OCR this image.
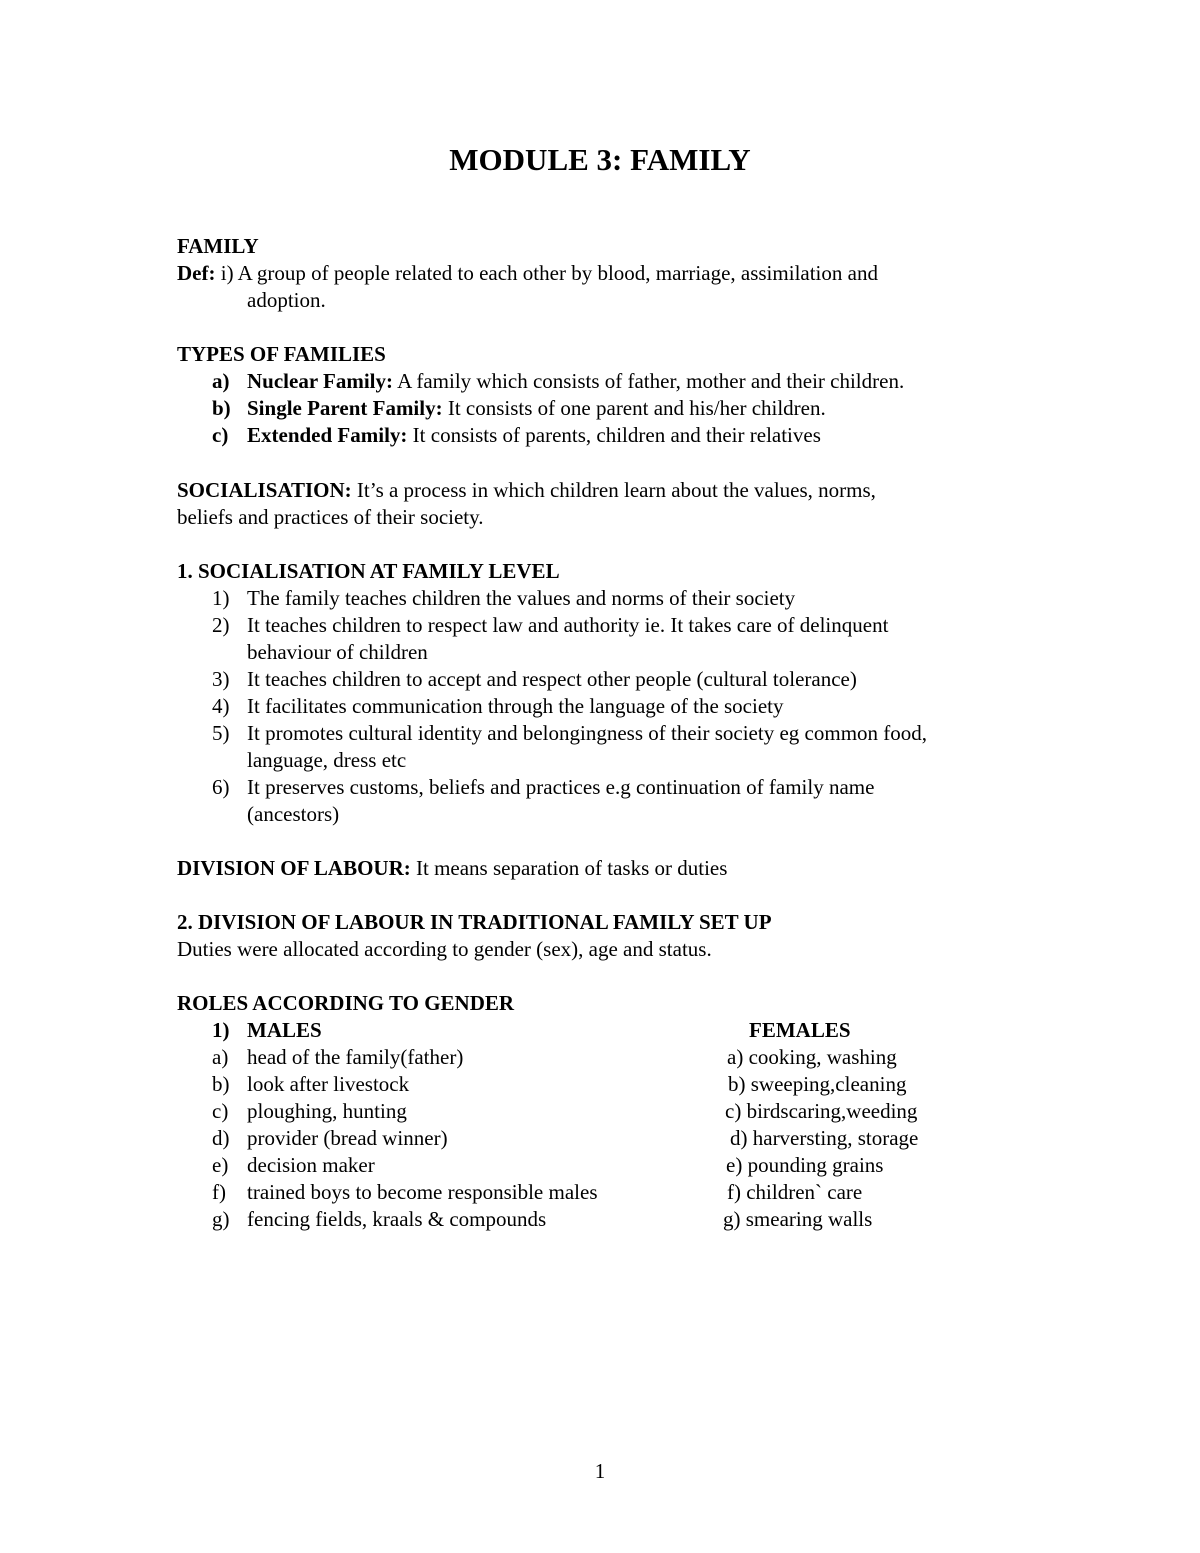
MODULE 3: FAMILY
FAMILY
Def: i) A group of people related to each other by blood, marriage, assimilation and
adoption.
TYPES OF FAMILIES
a) Nuclear Family: A family which consists of father, mother and their children.
b) Single Parent Family: It consists of one parent and his/her children.
c) Extended Family: It consists of parents, children and their relatives
SOCIALISATION: It’s a process in which children learn about the values, norms,
beliefs and practices of their society.
1. SOCIALISATION AT FAMILY LEVEL
1) The family teaches children the values and norms of their society
2) It teaches children to respect law and authority ie. It takes care of delinquent
behaviour of children
3) It teaches children to accept and respect other people (cultural tolerance)
4) It facilitates communication through the language of the society
5) It promotes cultural identity and belongingness of their society eg common food,
language, dress etc
6) It preserves customs, beliefs and practices e.g continuation of family name
(ancestors)
DIVISION OF LABOUR: It means separation of tasks or duties
2. DIVISION OF LABOUR IN TRADITIONAL FAMILY SET UP
Duties were allocated according to gender (sex), age and status.
ROLES ACCORDING TO GENDER
1) MALES	FEMALES
a) head of the family(father)	a) cooking, washing
b) look after livestock	b) sweeping,cleaning
c) ploughing, hunting	c) birdscaring,weeding
d) provider (bread winner)	d) harversting, storage
e) decision maker	e) pounding grains
f) trained boys to become responsible males	f) children` care
g) fencing fields, kraals & compounds	g) smearing walls
1
